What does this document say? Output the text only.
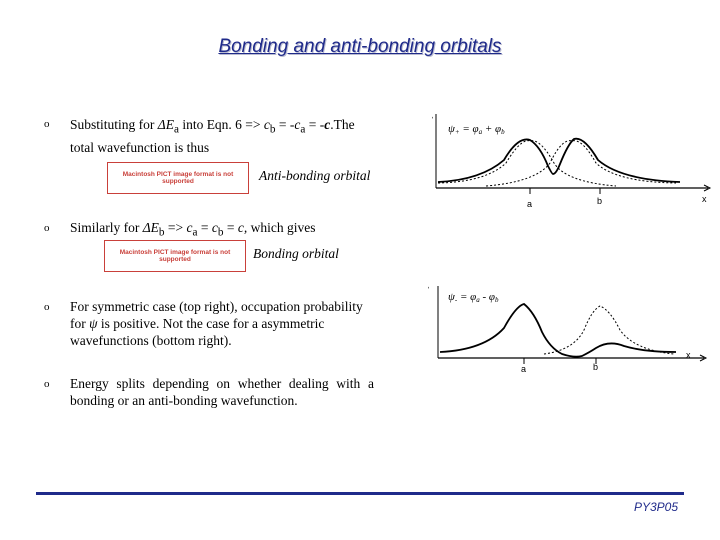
Bonding and anti-bonding orbitals
o Substituting for $\Delta E_a$ into Eqn. $6 => c_b = -c_a = -c.The$ total wavefunction is thus
Macintosh PICT image format is not supported	Anti-bonding orbital
o Similarly for $\Delta E_b => c_a = c_b = c$, which gives
Macintosh PICT image format is not supported	Bonding orbital
o For symmetric case (top right), occupation probability for ψ is positive. Not the case for a asymmetric wavefunctions (bottom right).
o Energy splits depending on whether dealing with a bonding or an anti-bonding wavefunction.
ʹ
ψ+ = φa + φb
a	b	x
ʹ
ψ- = φa - φb
a	b
x
PY3P05
